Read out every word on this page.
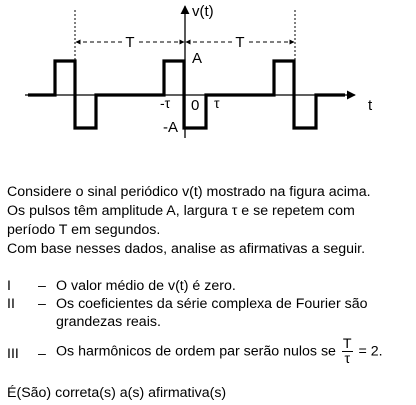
T	T
v(t)
t
A
-A
-τ 0 τ

Considere o sinal periódico v(t) mostrado na figura acima.

Os pulsos têm amplitude A, largura τ e se repetem com

período T em segundos.

Com base nesses dados, analise as afirmativas a seguir.

I – O valor médio de v(t) é zero.
II – Os coeficientes da série complexa de Fourier são
grandezas reais.
III – Os harmônicos de ordem par serão nulos se $\frac{T}{\tau} = 2$.
É(São) correta(s) a(s) afirmativa(s)
